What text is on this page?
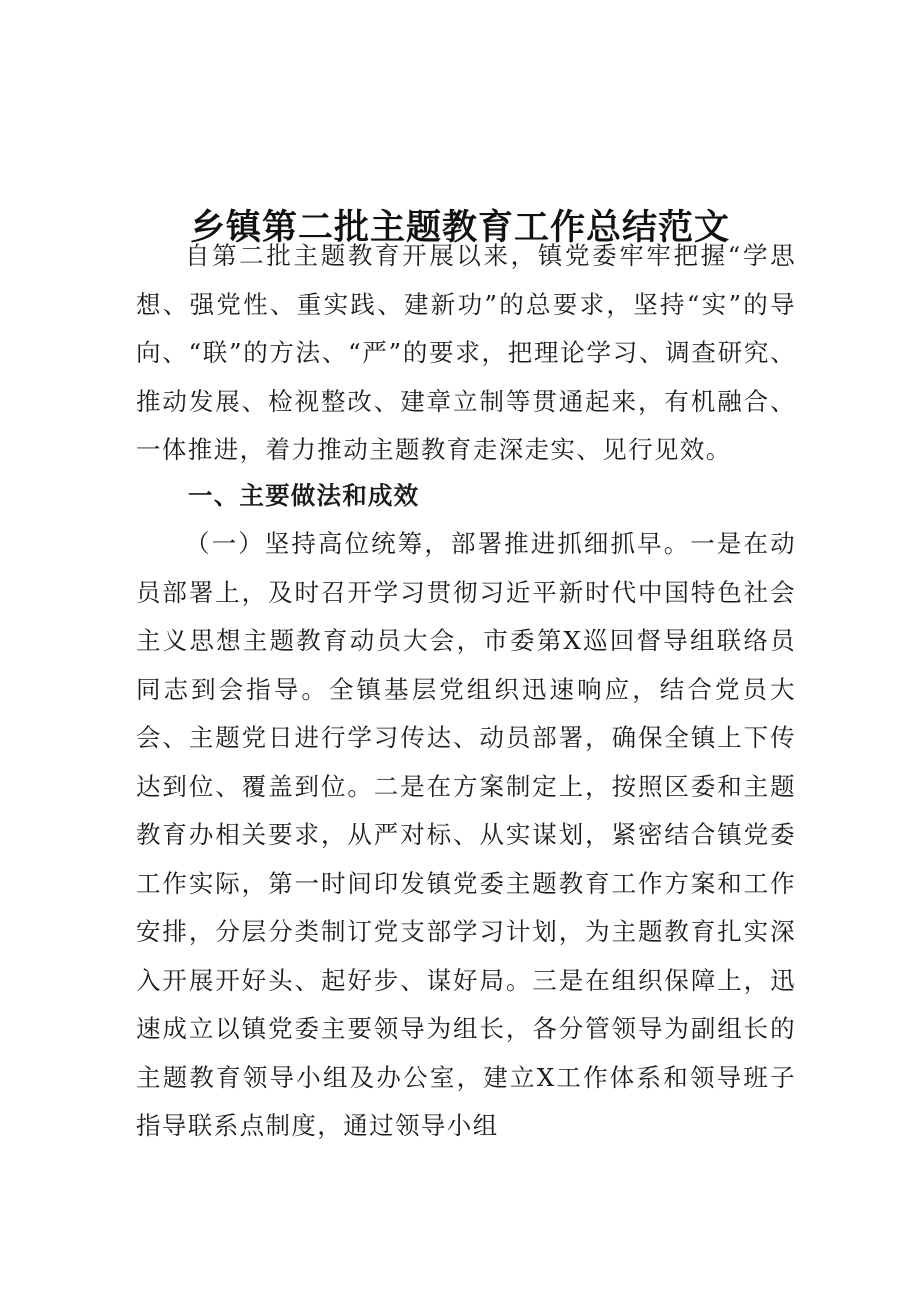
乡镇第二批主题教育工作总结范文

自第二批主题教育开展以来，镇党委牢牢把握“学思想、强党性、重实践、建新功”的总要求，坚持“实”的导向、“联”的方法、“严”的要求，把理论学习、调查研究、推动发展、检视整改、建章立制等贯通起来，有机融合、一体推进，着力推动主题教育走深走实、见行见效。

一、主要做法和成效

（一）坚持高位统筹，部署推进抓细抓早。一是在动员部署上，及时召开学习贯彻习近平新时代中国特色社会主义思想主题教育动员大会，市委第X巡回督导组联络员同志到会指导。全镇基层党组织迅速响应，结合党员大会、主题党日进行学习传达、动员部署，确保全镇上下传达到位、覆盖到位。二是在方案制定上，按照区委和主题教育办相关要求，从严对标、从实谋划，紧密结合镇党委工作实际，第一时间印发镇党委主题教育工作方案和工作安排，分层分类制订党支部学习计划，为主题教育扎实深入开展开好头、起好步、谋好局。三是在组织保障上，迅速成立以镇党委主要领导为组长，各分管领导为副组长的主题教育领导小组及办公室，建立X工作体系和领导班子指导联系点制度，通过领导小组
